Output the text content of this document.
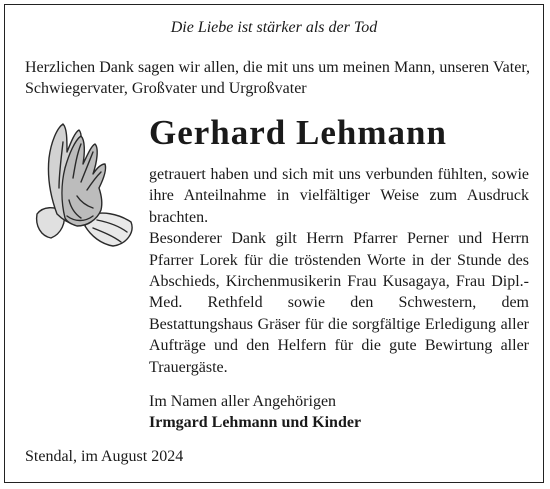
Die Liebe ist stärker als der Tod
Herzlichen Dank sagen wir allen, die mit uns um meinen Mann, unseren Vater, Schwiegervater, Großvater und Urgroßvater
Gerhard Lehmann
getrauert haben und sich mit uns verbunden fühlten, sowie ihre Anteilnahme in vielfältiger Weise zum Ausdruck brachten.
Besonderer Dank gilt Herrn Pfarrer Perner und Herrn Pfarrer Lorek für die tröstenden Worte in der Stunde des Abschieds, Kirchenmusikerin Frau Kusagaya, Frau Dipl.-Med. Rethfeld sowie den Schwestern, dem Bestattungshaus Gräser für die sorgfältige Erledigung aller Aufträge und den Helfern für die gute Bewirtung aller Trauergäste.
Im Namen aller Angehörigen
Irmgard Lehmann und Kinder
Stendal, im August 2024
